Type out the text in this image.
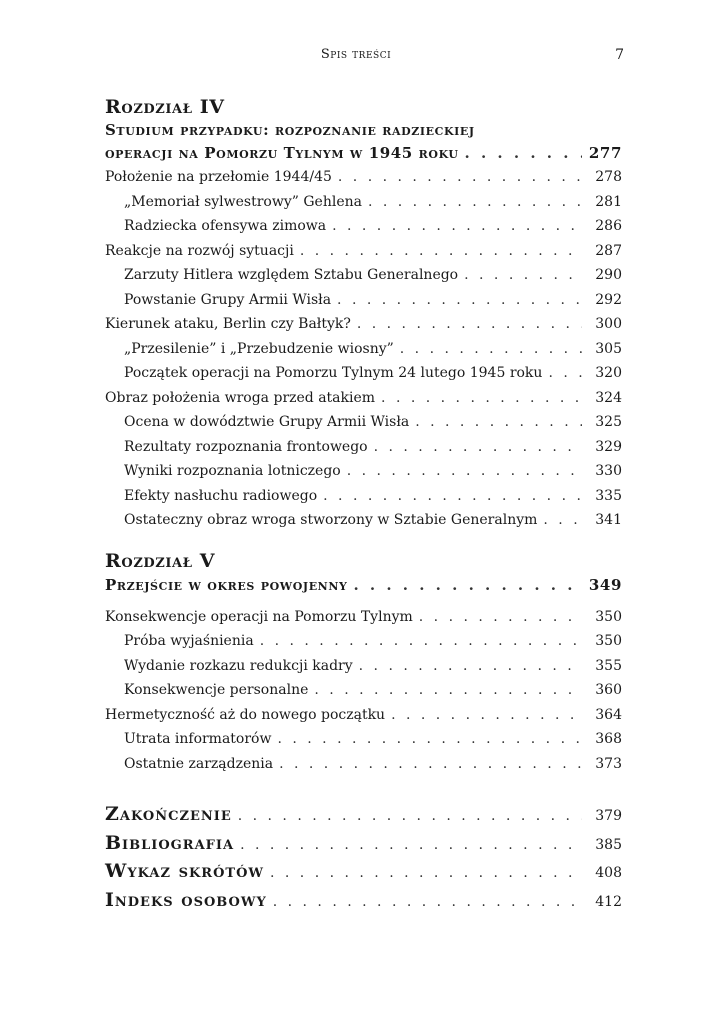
Spis treści	7
Rozdział IV
Studium przypadku: rozpoznanie radzieckiej
operacji na Pomorzu Tylnym w 1945 roku . . .	277
Położenie na przełomie 1944/45 . . .	278
„Memoriał sylwestrowy” Gehlena . . .	281
Radziecka ofensywa zimowa . . .	286
Reakcje na rozwój sytuacji . . .	287
Zarzuty Hitlera względem Sztabu Generalnego . . .	290
Powstanie Grupy Armii Wisła . . .	292
Kierunek ataku, Berlin czy Bałtyk? . . .	300
„Przesilenie” i „Przebudzenie wiosny” . . .	305
Początek operacji na Pomorzu Tylnym 24 lutego 1945 roku . . .	320
Obraz położenia wroga przed atakiem . . .	324
Ocena w dowództwie Grupy Armii Wisła . . .	325
Rezultaty rozpoznania frontowego . . .	329
Wyniki rozpoznania lotniczego . . .	330
Efekty nasłuchu radiowego . . .	335
Ostateczny obraz wroga stworzony w Sztabie Generalnym . . .	341
Rozdział V
Przejście w okres powojenny . . .	349
Konsekwencje operacji na Pomorzu Tylnym . . .	350
Próba wyjaśnienia . . .	350
Wydanie rozkazu redukcji kadry . . .	355
Konsekwencje personalne . . .	360
Hermetyczność aż do nowego początku . . .	364
Utrata informatorów . . .	368
Ostatnie zarządzenia . . .	373
Zakończenie . . .	379
Bibliografia . . .	385
Wykaz skrótów . . .	408
Indeks osobowy . . .	412
